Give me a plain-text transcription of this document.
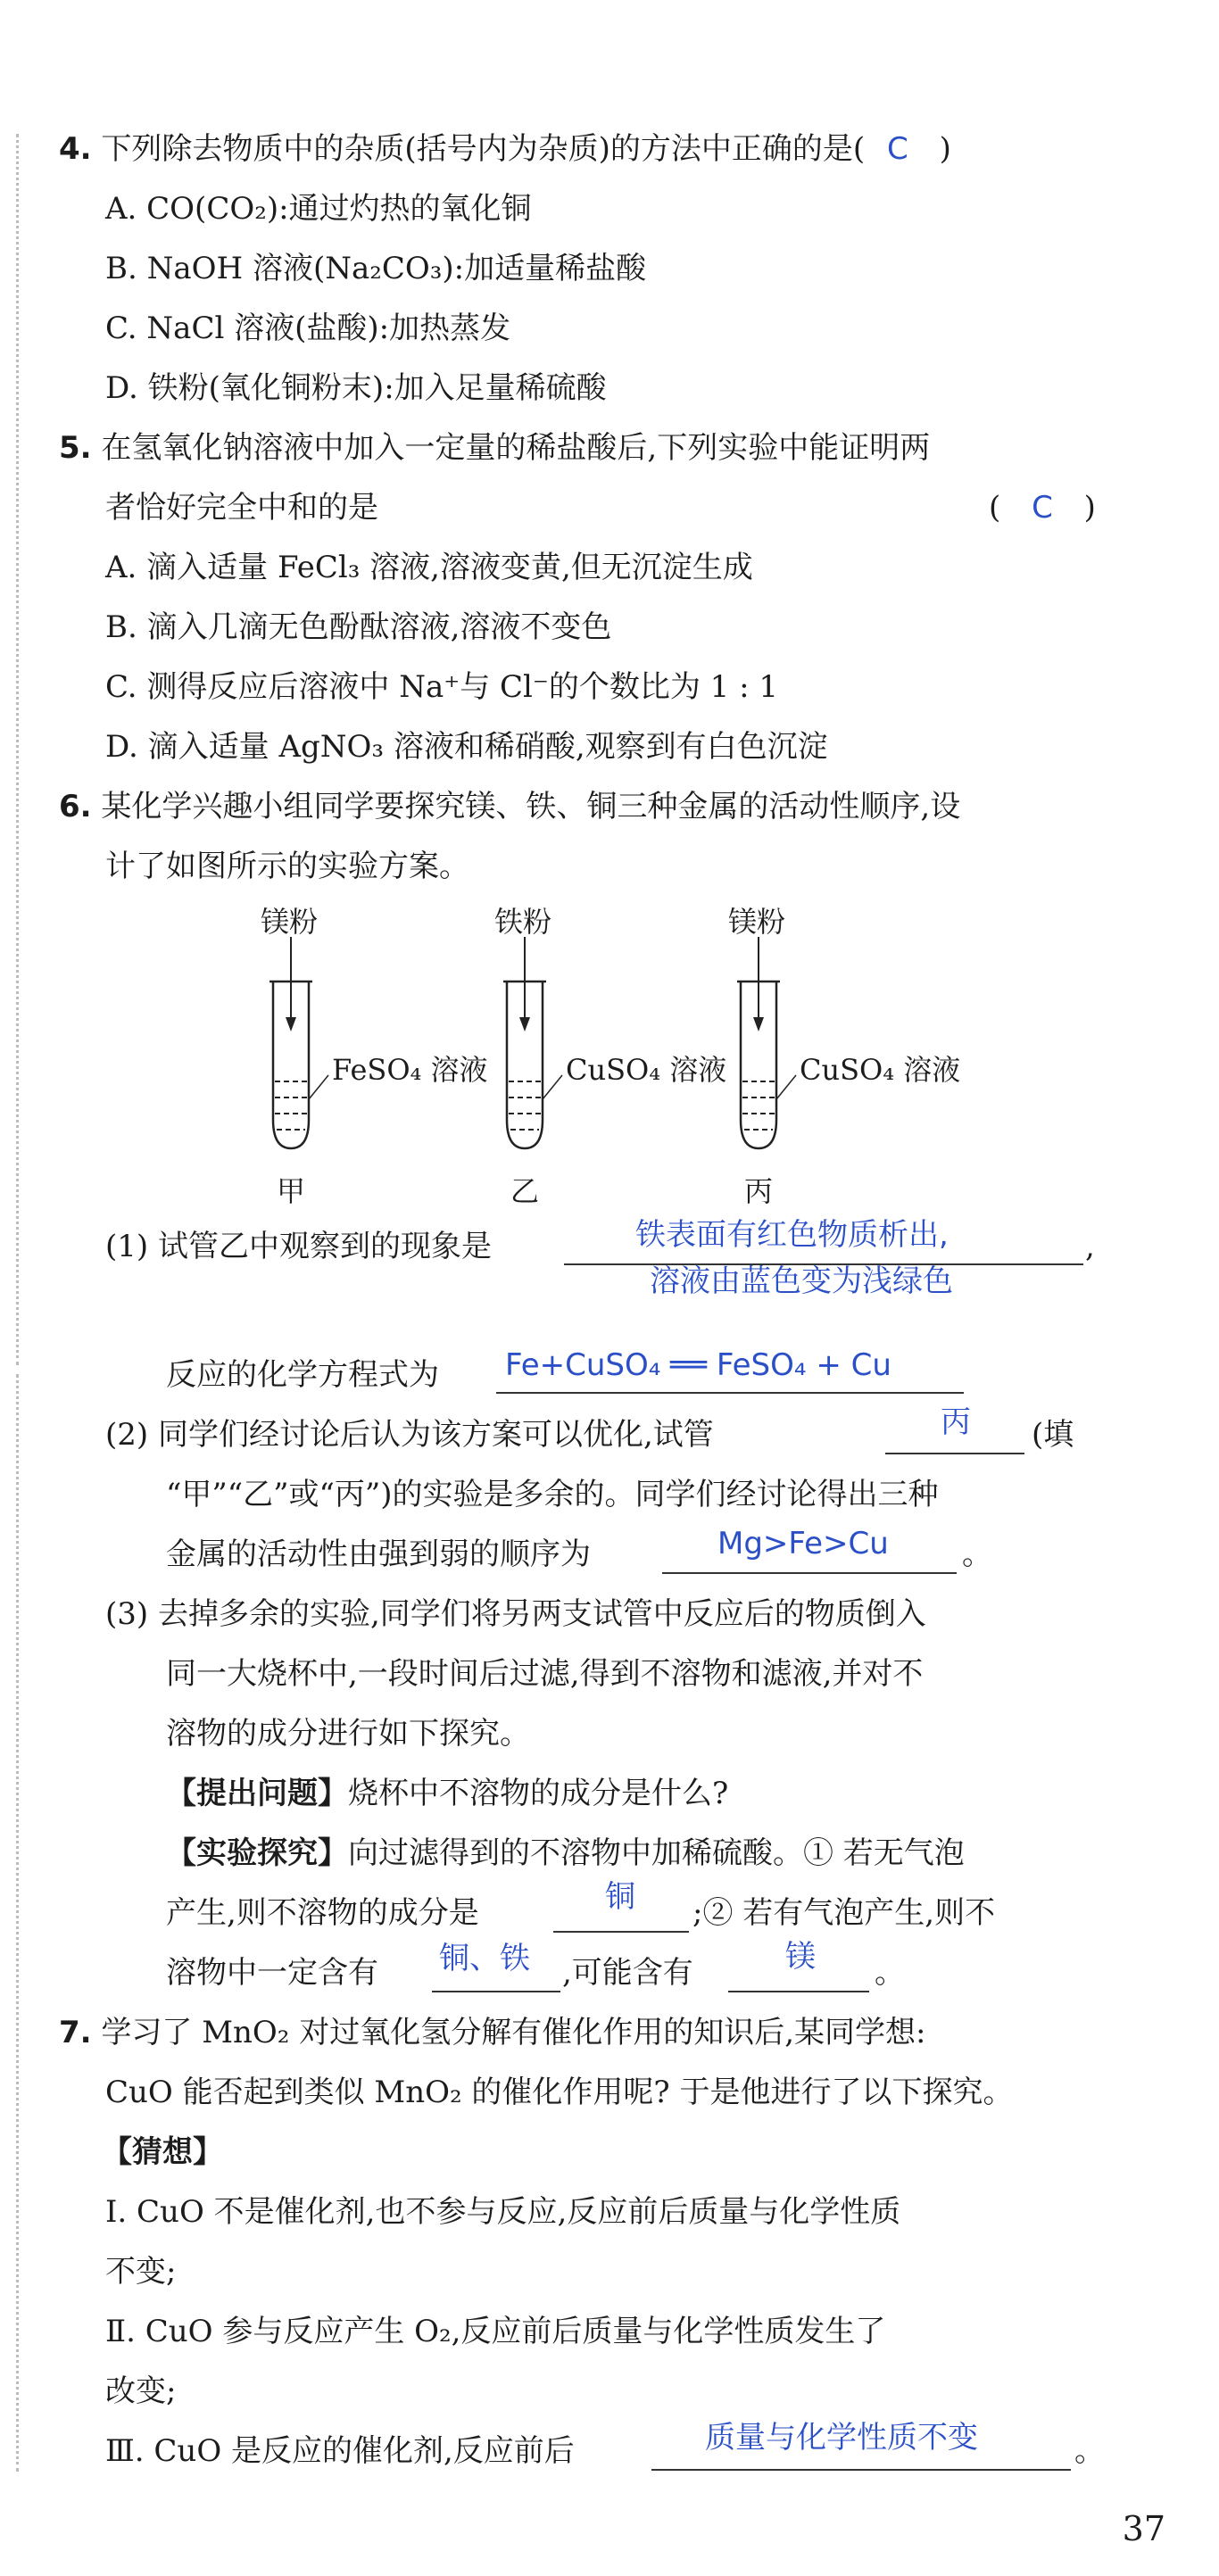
4. 下列除去物质中的杂质(括号内为杂质)的方法中正确的是( C )
A. CO(CO₂):通过灼热的氧化铜
B. NaOH 溶液(Na₂CO₃):加适量稀盐酸
C. NaCl 溶液(盐酸):加热蒸发
D. 铁粉(氧化铜粉末):加入足量稀硫酸
5. 在氢氧化钠溶液中加入一定量的稀盐酸后,下列实验中能证明两
者恰好完全中和的是	( C )
A. 滴入适量 FeCl₃ 溶液,溶液变黄,但无沉淀生成
B. 滴入几滴无色酚酞溶液,溶液不变色
C. 测得反应后溶液中 Na⁺与 Cl⁻的个数比为 1 : 1
D. 滴入适量 AgNO₃ 溶液和稀硝酸,观察到有白色沉淀
6. 某化学兴趣小组同学要探究镁、铁、铜三种金属的活动性顺序,设
计了如图所示的实验方案。
镁粉
FeSO₄ 溶液
甲
铁粉
CuSO₄ 溶液
乙
镁粉
CuSO₄ 溶液
丙
(1) 试管乙中观察到的现象是	铁表面有红色物质析出,
溶液由蓝色变为浅绿色
,
反应的化学方程式为 Fe+CuSO₄ ══ FeSO₄ + Cu
(2) 同学们经讨论后认为该方案可以优化,试管	丙 (填
“甲”“乙”或“丙”)的实验是多余的。同学们经讨论得出三种
金属的活动性由强到弱的顺序为	Mg>Fe>Cu 。
(3) 去掉多余的实验,同学们将另两支试管中反应后的物质倒入
同一大烧杯中,一段时间后过滤,得到不溶物和滤液,并对不
溶物的成分进行如下探究。
【提出问题】烧杯中不溶物的成分是什么?
【实验探究】向过滤得到的不溶物中加稀硫酸。① 若无气泡
产生,则不溶物的成分是	铜 ;② 若有气泡产生,则不
溶物中一定含有 铜、铁 ,可能含有	镁 。
7. 学习了 MnO₂ 对过氧化氢分解有催化作用的知识后,某同学想:
CuO 能否起到类似 MnO₂ 的催化作用呢? 于是他进行了以下探究。
【猜想】
Ⅰ. CuO 不是催化剂,也不参与反应,反应前后质量与化学性质
不变;
Ⅱ. CuO 参与反应产生 O₂,反应前后质量与化学性质发生了
改变;
Ⅲ. CuO 是反应的催化剂,反应前后	质量与化学性质不变	。
37
